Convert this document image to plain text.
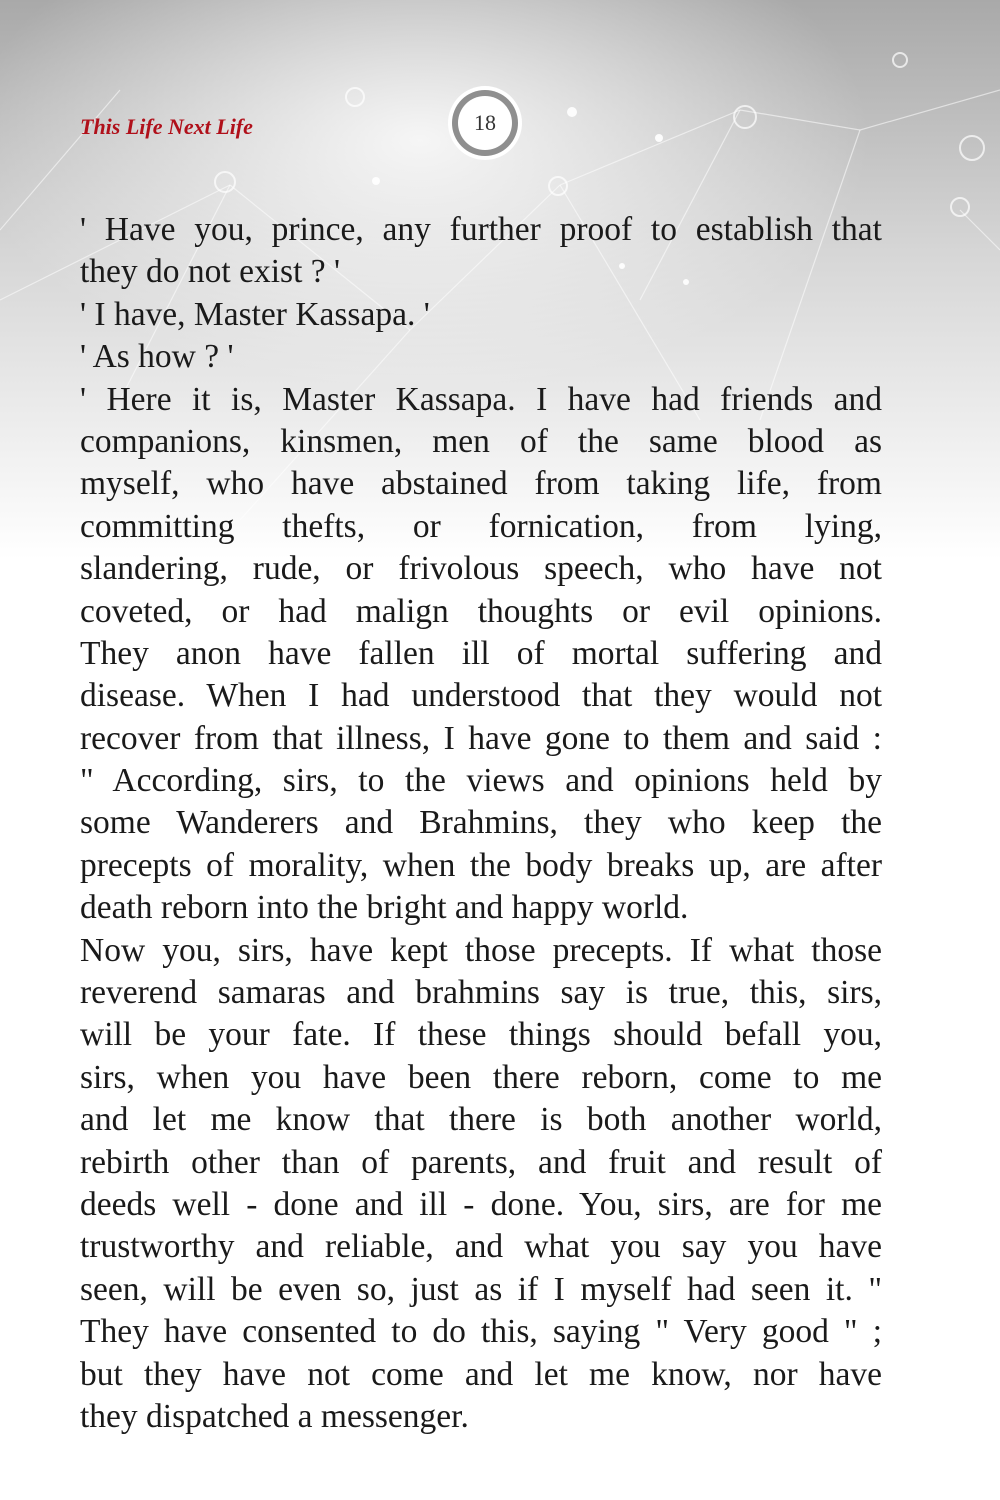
This Life Next Life	18
' Have you, prince, any further proof to establish that
they do not exist ? '
' I have, Master Kassapa. '
' As how ? '
' Here it is, Master Kassapa. I have had friends and
companions, kinsmen, men of the same blood as
myself, who have abstained from taking life, from
committing thefts, or fornication, from lying,
slandering, rude, or frivolous speech, who have not
coveted, or had malign thoughts or evil opinions.
They anon have fallen ill of mortal suffering and
disease. When I had understood that they would not
recover from that illness, I have gone to them and said :
" According, sirs, to the views and opinions held by
some Wanderers and Brahmins, they who keep the
precepts of morality, when the body breaks up, are after
death reborn into the bright and happy world.
Now you, sirs, have kept those precepts. If what those
reverend samaras and brahmins say is true, this, sirs,
will be your fate. If these things should befall you,
sirs, when you have been there reborn, come to me
and let me know that there is both another world,
rebirth other than of parents, and fruit and result of
deeds well - done and ill - done. You, sirs, are for me
trustworthy and reliable, and what you say you have
seen, will be even so, just as if I myself had seen it. "
They have consented to do this, saying " Very good " ;
but they have not come and let me know, nor have
they dispatched a messenger.
